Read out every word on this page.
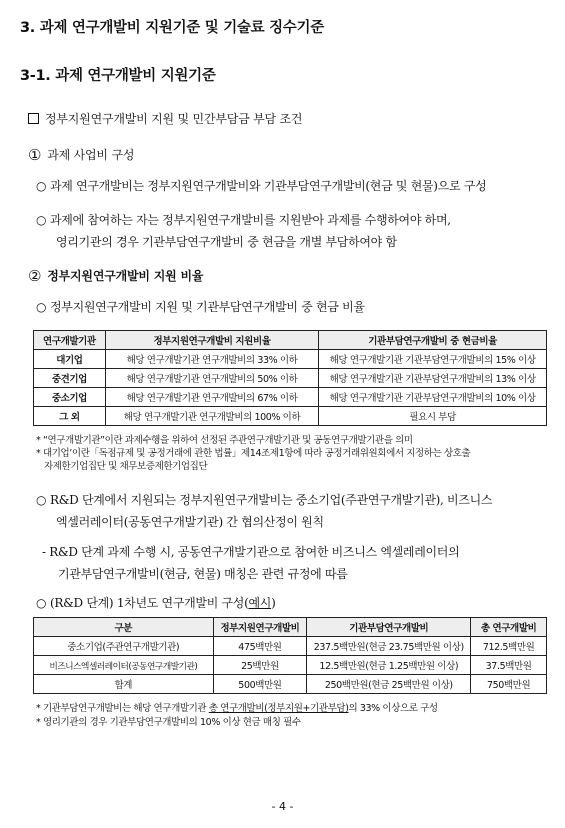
3. 과제 연구개발비 지원기준 및 기술료 징수기준
3-1. 과제 연구개발비 지원기준
정부지원연구개발비 지원 및 민간부담금 부담 조건
① 과제 사업비 구성
○ 과제 연구개발비는 정부지원연구개발비와 기관부담연구개발비(현금 및 현물)으로 구성
○ 과제에 참여하는 자는 정부지원연구개발비를 지원받아 과제를 수행하여야 하며,
영리기관의 경우 기관부담연구개발비 중 현금을 개별 부담하여야 함
② 정부지원연구개발비 지원 비율
○ 정부지원연구개발비 지원 및 기관부담연구개발비 중 현금 비율
연구개발기관	정부지원연구개발비 지원비율	기관부담연구개발비 중 현금비율
대기업	해당 연구개발기관 연구개발비의 33% 이하	해당 연구개발기관 기관부담연구개발비의 15% 이상
중견기업	해당 연구개발기관 연구개발비의 50% 이하	해당 연구개발기관 기관부담연구개발비의 13% 이상
중소기업	해당 연구개발기관 연구개발비의 67% 이하	해당 연구개발기관 기관부담연구개발비의 10% 이상
그 외	해당 연구개발기관 연구개발비의 100% 이하	필요시 부담
* “연구개발기관”이란 과제수행을 위하여 선정된 주관연구개발기관 및 공동연구개발기관을 의미
* 대기업’이란「독점규제 및 공정거래에 관한 법률」제14조제1항에 따라 공정거래위원회에서 지정하는 상호출
자제한기업집단 및 채무보증제한기업집단
○ R&D 단계에서 지원되는 정부지원연구개발비는 중소기업(주관연구개발기관), 비즈니스
엑셀러레이터(공동연구개발기관) 간 협의산정이 원칙
- R&D 단계 과제 수행 시, 공동연구개발기관으로 참여한 비즈니스 엑셀레레이터의
기관부담연구개발비(현금, 현물) 매칭은 관련 규정에 따름
○ (R&D 단계) 1차년도 연구개발비 구성(예시)
구분	정부지원연구개발비	기관부담연구개발비	총 연구개발비
중소기업(주관연구개발기관)	475백만원	237.5백만원(현금 23.75백만원 이상)	712.5백만원
비즈니스엑셀러레이터(공동연구개발기관)	25백만원	12.5백만원(현금 1.25백만원 이상)	37.5백만원
합계	500백만원	250백만원(현금 25백만원 이상)	750백만원
* 기관부담연구개발비는 해당 연구개발기관 총 연구개발비(정부지원+기관부담)의 33% 이상으로 구성
* 영리기관의 경우 기관부담연구개발비의 10% 이상 현금 매칭 필수
- 4 -
